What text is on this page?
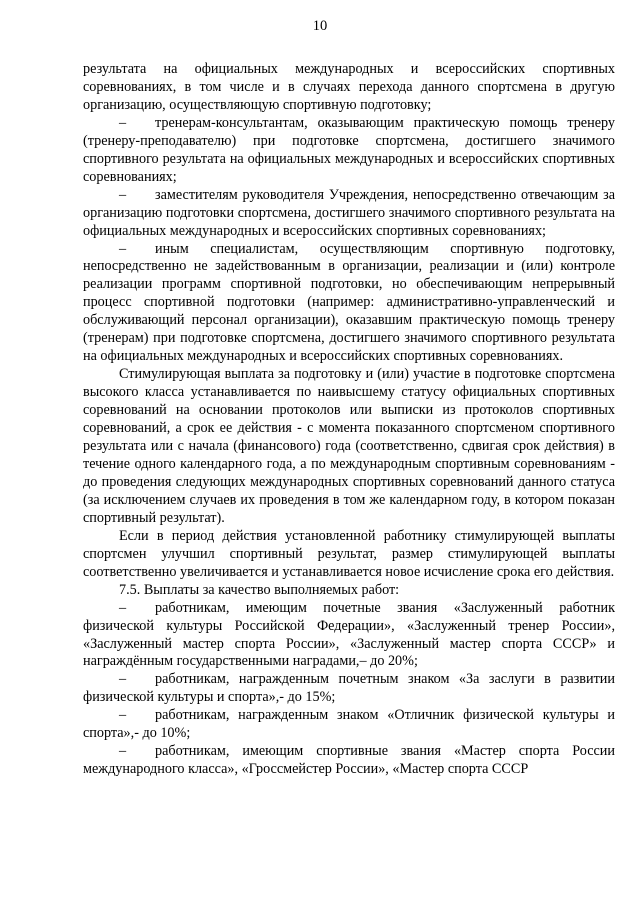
10

результата на официальных международных и всероссийских спортивных соревнованиях, в том числе и в случаях перехода данного спортсмена в другую организацию, осуществляющую спортивную подготовку;

– тренерам-консультантам, оказывающим практическую помощь тренеру (тренеру-преподавателю) при подготовке спортсмена, достигшего значимого спортивного результата на официальных международных и всероссийских спортивных соревнованиях;

– заместителям руководителя Учреждения, непосредственно отвечающим за организацию подготовки спортсмена, достигшего значимого спортивного результата на официальных международных и всероссийских спортивных соревнованиях;

– иным специалистам, осуществляющим спортивную подготовку, непосредственно не задействованным в организации, реализации и (или) контроле реализации программ спортивной подготовки, но обеспечивающим непрерывный процесс спортивной подготовки (например: административно-управленческий и обслуживающий персонал организации), оказавшим практическую помощь тренеру (тренерам) при подготовке спортсмена, достигшего значимого спортивного результата на официальных международных и всероссийских спортивных соревнованиях.

Стимулирующая выплата за подготовку и (или) участие в подготовке спортсмена высокого класса устанавливается по наивысшему статусу официальных спортивных соревнований на основании протоколов или выписки из протоколов спортивных соревнований, а срок ее действия - с момента показанного спортсменом спортивного результата или с начала (финансового) года (соответственно, сдвигая срок действия) в течение одного календарного года, а по международным спортивным соревнованиям - до проведения следующих международных спортивных соревнований данного статуса (за исключением случаев их проведения в том же календарном году, в котором показан спортивный результат).

Если в период действия установленной работнику стимулирующей выплаты спортсмен улучшил спортивный результат, размер стимулирующей выплаты соответственно увеличивается и устанавливается новое исчисление срока его действия.

7.5. Выплаты за качество выполняемых работ:

– работникам, имеющим почетные звания «Заслуженный работник физической культуры Российской Федерации», «Заслуженный тренер России», «Заслуженный мастер спорта России», «Заслуженный мастер спорта СССР» и награждённым государственными наградами,– до 20%;

– работникам, награжденным почетным знаком «За заслуги в развитии физической культуры и спорта»,- до 15%;

– работникам, награжденным знаком «Отличник физической культуры и спорта»,- до 10%;

– работникам, имеющим спортивные звания «Мастер спорта России международного класса», «Гроссмейстер России», «Мастер спорта СССР
